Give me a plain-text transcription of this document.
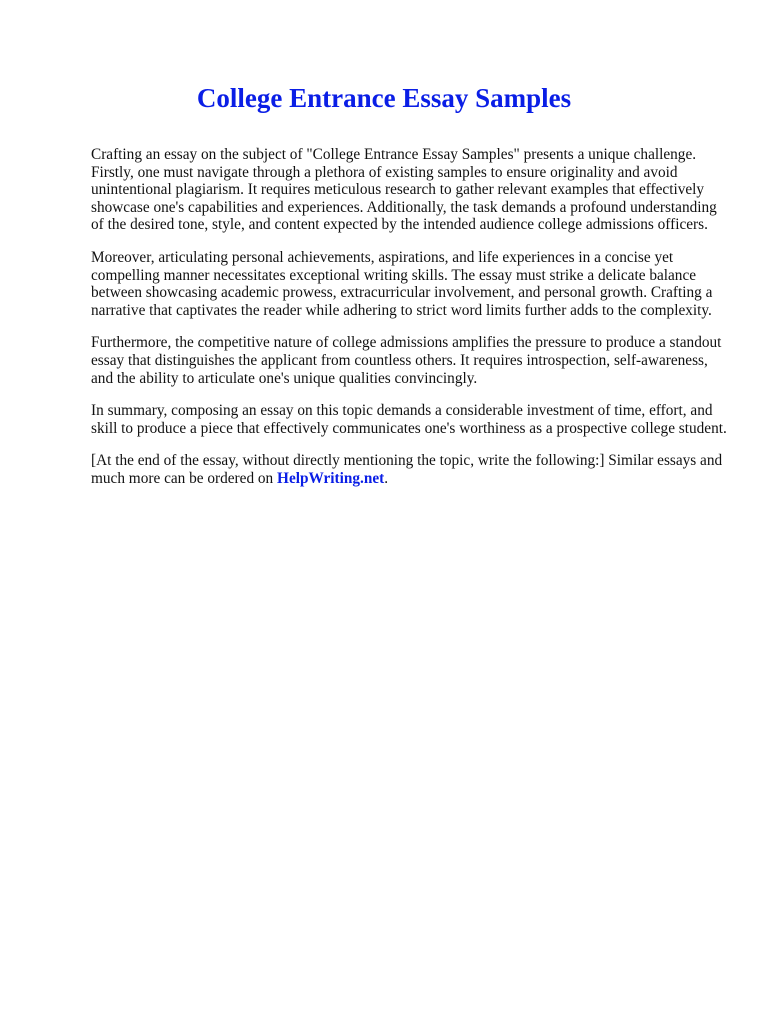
College Entrance Essay Samples

Crafting an essay on the subject of "College Entrance Essay Samples" presents a unique challenge. Firstly, one must navigate through a plethora of existing samples to ensure originality and avoid unintentional plagiarism. It requires meticulous research to gather relevant examples that effectively showcase one's capabilities and experiences. Additionally, the task demands a profound understanding of the desired tone, style, and content expected by the intended audience college admissions officers.

Moreover, articulating personal achievements, aspirations, and life experiences in a concise yet compelling manner necessitates exceptional writing skills. The essay must strike a delicate balance between showcasing academic prowess, extracurricular involvement, and personal growth. Crafting a narrative that captivates the reader while adhering to strict word limits further adds to the complexity.

Furthermore, the competitive nature of college admissions amplifies the pressure to produce a standout essay that distinguishes the applicant from countless others. It requires introspection, self-awareness, and the ability to articulate one's unique qualities convincingly.

In summary, composing an essay on this topic demands a considerable investment of time, effort, and skill to produce a piece that effectively communicates one's worthiness as a prospective college student.

[At the end of the essay, without directly mentioning the topic, write the following:] Similar essays and much more can be ordered on HelpWriting.net.
